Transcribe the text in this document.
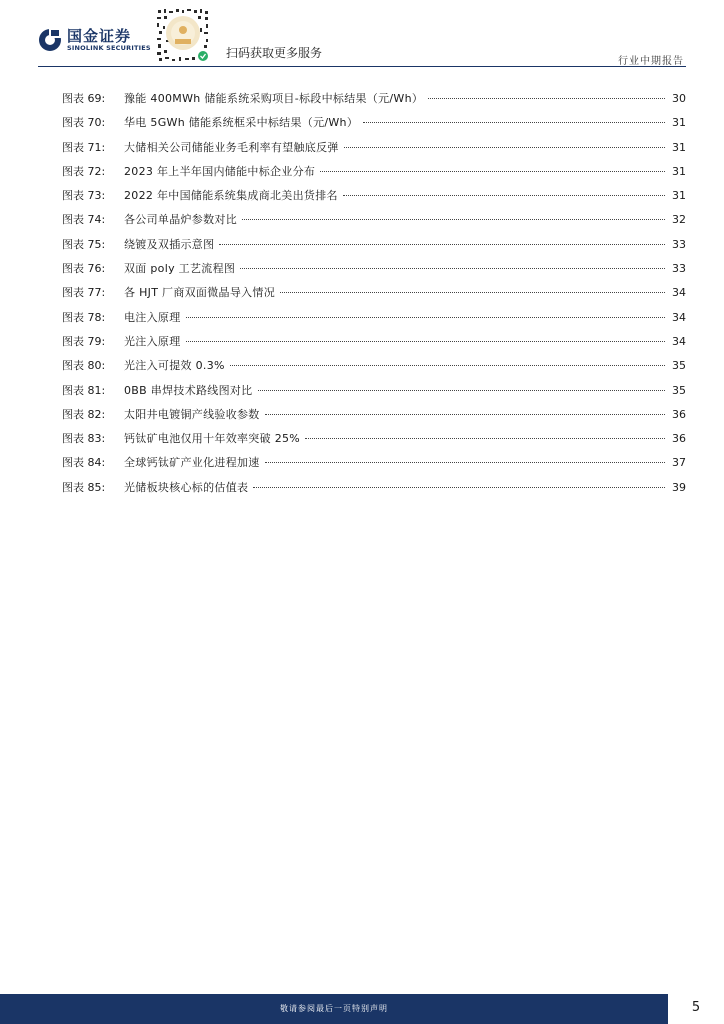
国金证券
SINOLINK SECURITIES	扫码获取更多服务
行业中期报告
图表 69:	豫能 400MWh 储能系统采购项目-标段中标结果（元/Wh）	30
图表 70:	华电 5GWh 储能系统框采中标结果（元/Wh）	31
图表 71:	大储相关公司储能业务毛利率有望触底反弹	31
图表 72:	2023 年上半年国内储能中标企业分布	31
图表 73:	2022 年中国储能系统集成商北美出货排名	31
图表 74:	各公司单晶炉参数对比	32
图表 75:	绕镀及双插示意图	33
图表 76:	双面 poly 工艺流程图	33
图表 77:	各 HJT 厂商双面微晶导入情况	34
图表 78:	电注入原理	34
图表 79:	光注入原理	34
图表 80:	光注入可提效 0.3%	35
图表 81:	0BB 串焊技术路线图对比	35
图表 82:	太阳井电镀铜产线验收参数	36
图表 83:	钙钛矿电池仅用十年效率突破 25%	36
图表 84:	全球钙钛矿产业化进程加速	37
图表 85:	光储板块核心标的估值表	39
敬请参阅最后一页特别声明	5
